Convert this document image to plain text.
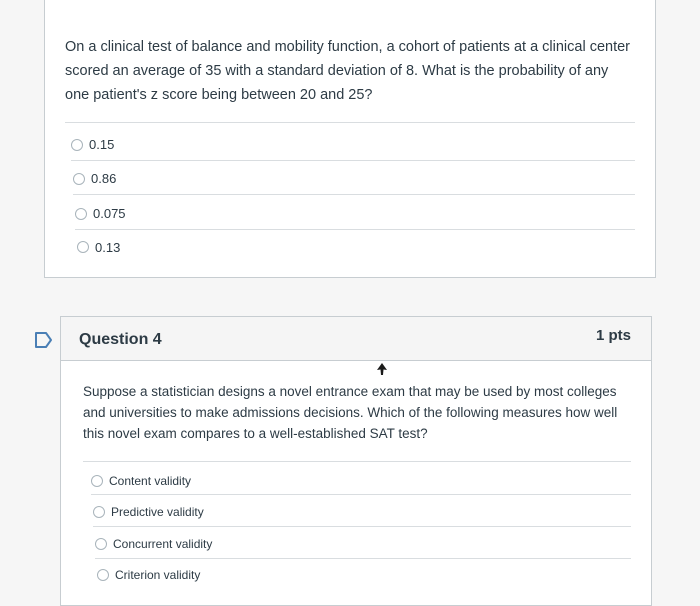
On a clinical test of balance and mobility function, a cohort of patients at a clinical center scored an average of 35 with a standard deviation of 8. What is the probability of any one patient's z score being between 20 and 25?
0.15
0.86
0.075
0.13
Question 4	1 pts
Suppose a statistician designs a novel entrance exam that may be used by most colleges and universities to make admissions decisions. Which of the following measures how well this novel exam compares to a well-established SAT test?
Content validity
Predictive validity
Concurrent validity
Criterion validity
